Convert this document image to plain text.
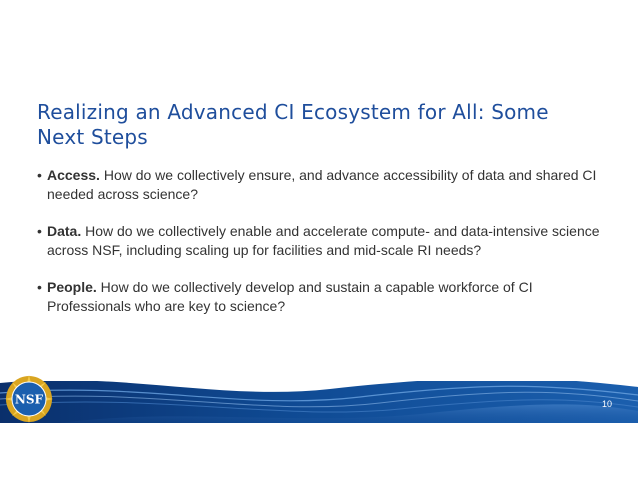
Realizing an Advanced CI Ecosystem for All: Some Next Steps
• Access. How do we collectively ensure, and advance accessibility of data and shared CI needed across science?
• Data. How do we collectively enable and accelerate compute- and data-intensive science across NSF, including scaling up for facilities and mid-scale RI needs?
• People. How do we collectively develop and sustain a capable workforce of CI Professionals who are key to science?
NSF	10
